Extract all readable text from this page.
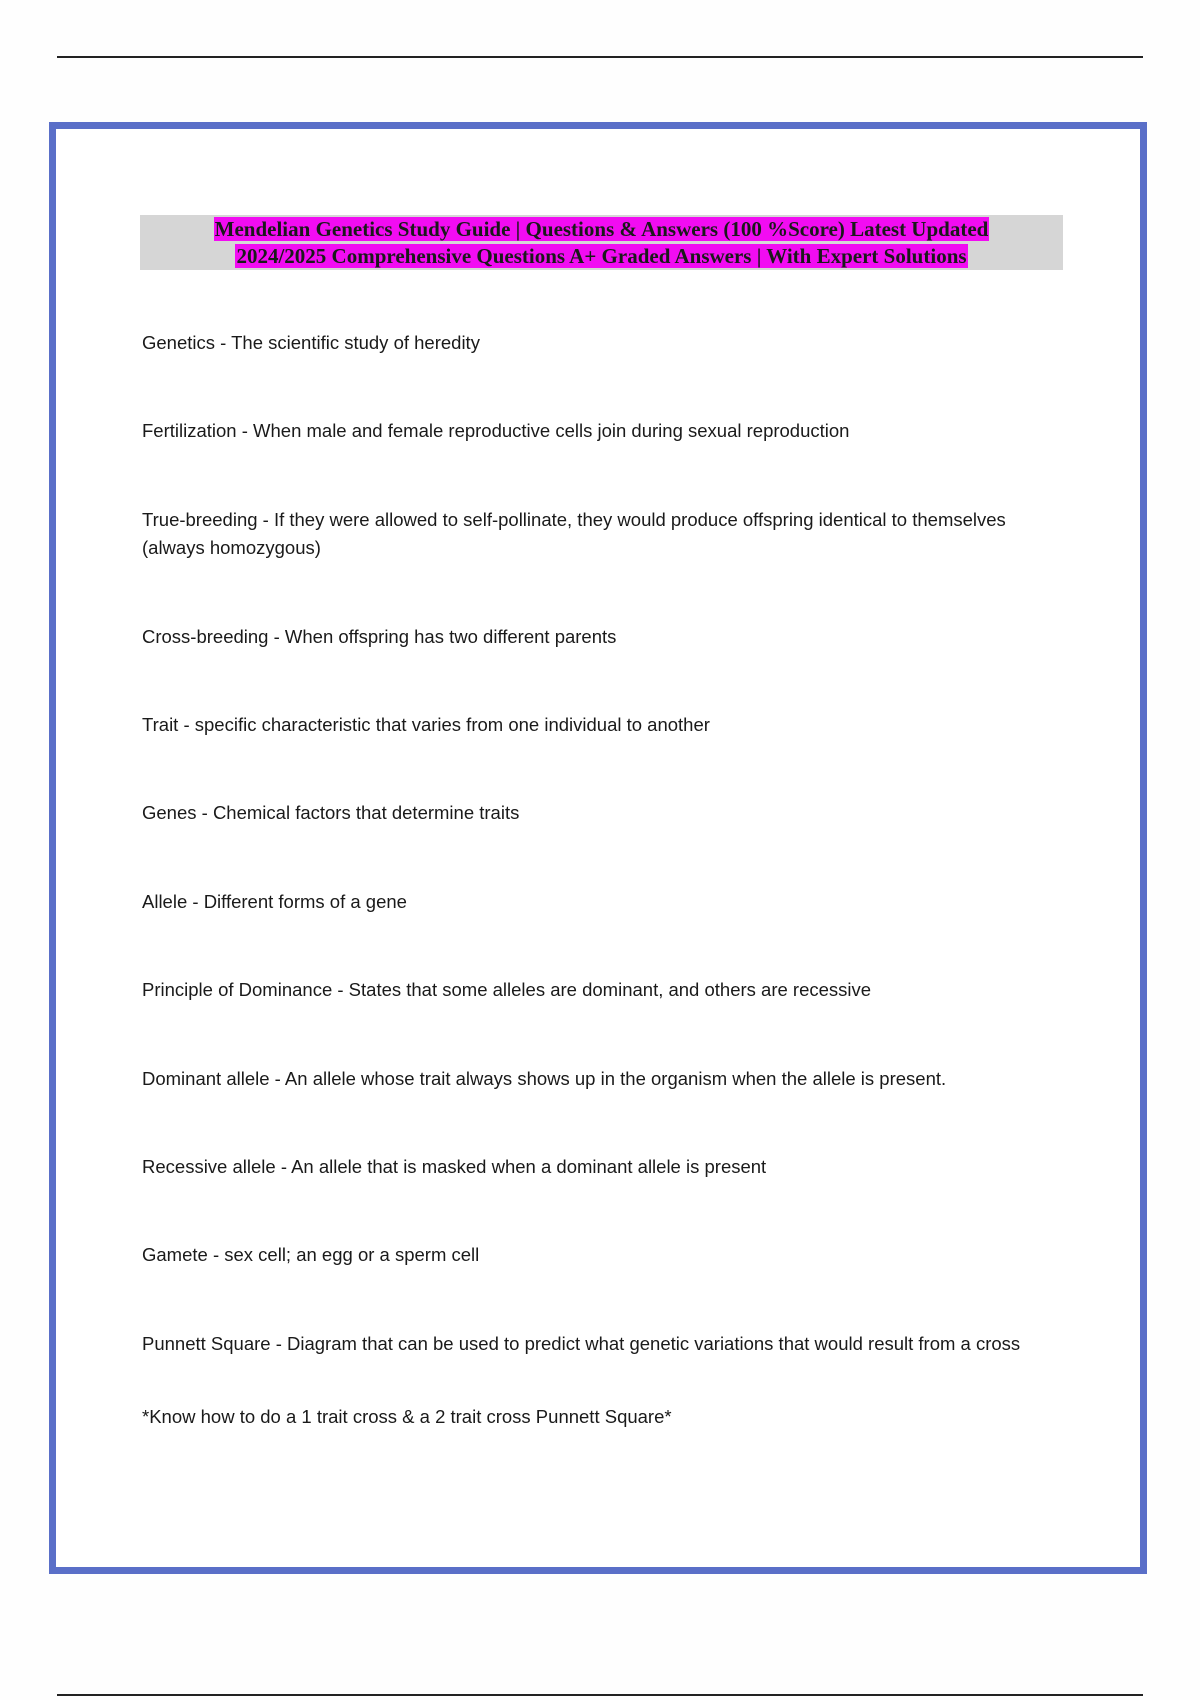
Mendelian Genetics Study Guide | Questions & Answers (100 %Score) Latest Updated
2024/2025 Comprehensive Questions A+ Graded Answers | With Expert Solutions
Genetics - The scientific study of heredity
Fertilization - When male and female reproductive cells join during sexual reproduction
True-breeding - If they were allowed to self-pollinate, they would produce offspring identical to themselves (always homozygous)
Cross-breeding - When offspring has two different parents
Trait - specific characteristic that varies from one individual to another
Genes - Chemical factors that determine traits
Allele - Different forms of a gene
Principle of Dominance - States that some alleles are dominant, and others are recessive
Dominant allele - An allele whose trait always shows up in the organism when the allele is present.
Recessive allele - An allele that is masked when a dominant allele is present
Gamete - sex cell; an egg or a sperm cell
Punnett Square - Diagram that can be used to predict what genetic variations that would result from a cross
*Know how to do a 1 trait cross & a 2 trait cross Punnett Square*
